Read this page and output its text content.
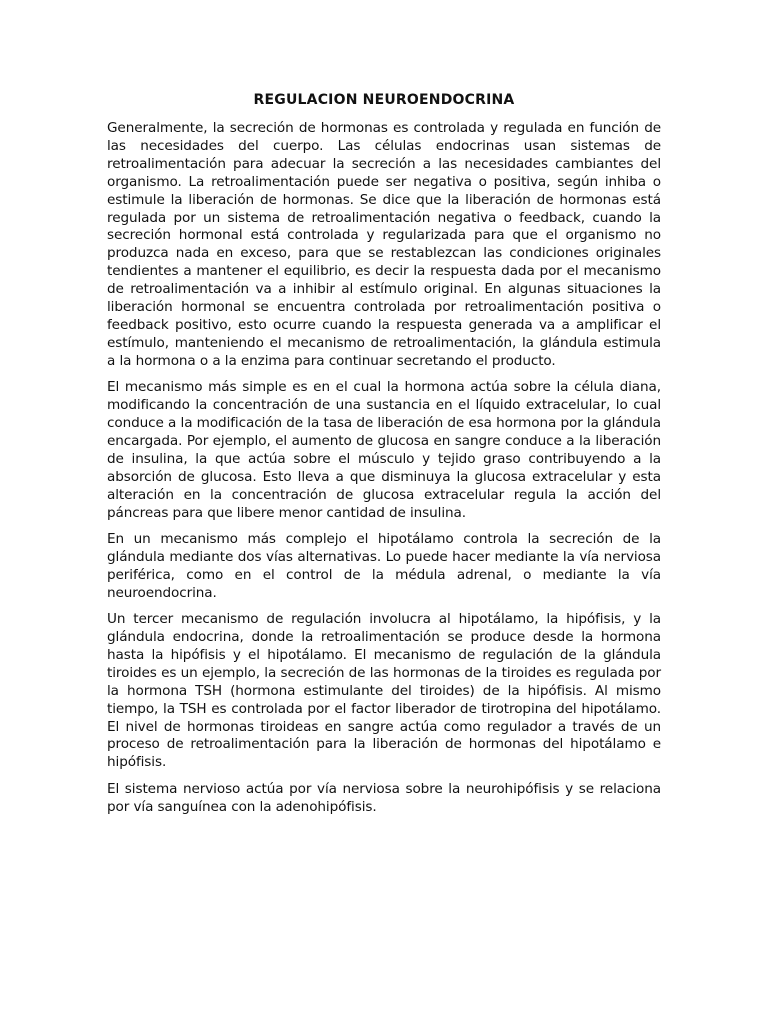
REGULACION NEUROENDOCRINA

Generalmente, la secreción de hormonas es controlada y regulada en función de las necesidades del cuerpo. Las células endocrinas usan sistemas de retroalimentación para adecuar la secreción a las necesidades cambiantes del organismo. La retroalimentación puede ser negativa o positiva, según inhiba o estimule la liberación de hormonas. Se dice que la liberación de hormonas está regulada por un sistema de retroalimentación negativa o feedback, cuando la secreción hormonal está controlada y regularizada para que el organismo no produzca nada en exceso, para que se restablezcan las condiciones originales tendientes a mantener el equilibrio, es decir la respuesta dada por el mecanismo de retroalimentación va a inhibir al estímulo original. En algunas situaciones la liberación hormonal se encuentra controlada por retroalimentación positiva o feedback positivo, esto ocurre cuando la respuesta generada va a amplificar el estímulo, manteniendo el mecanismo de retroalimentación, la glándula estimula a la hormona o a la enzima para continuar secretando el producto.

El mecanismo más simple es en el cual la hormona actúa sobre la célula diana, modificando la concentración de una sustancia en el líquido extracelular, lo cual conduce a la modificación de la tasa de liberación de esa hormona por la glándula encargada. Por ejemplo, el aumento de glucosa en sangre conduce a la liberación de insulina, la que actúa sobre el músculo y tejido graso contribuyendo a la absorción de glucosa. Esto lleva a que disminuya la glucosa extracelular y esta alteración en la concentración de glucosa extracelular regula la acción del páncreas para que libere menor cantidad de insulina.

En un mecanismo más complejo el hipotálamo controla la secreción de la glándula mediante dos vías alternativas. Lo puede hacer mediante la vía nerviosa periférica, como en el control de la médula adrenal, o mediante la vía neuroendocrina.

Un tercer mecanismo de regulación involucra al hipotálamo, la hipófisis, y la glándula endocrina, donde la retroalimentación se produce desde la hormona hasta la hipófisis y el hipotálamo. El mecanismo de regulación de la glándula tiroides es un ejemplo, la secreción de las hormonas de la tiroides es regulada por la hormona TSH (hormona estimulante del tiroides) de la hipófisis. Al mismo tiempo, la TSH es controlada por el factor liberador de tirotropina del hipotálamo. El nivel de hormonas tiroideas en sangre actúa como regulador a través de un proceso de retroalimentación para la liberación de hormonas del hipotálamo e hipófisis.

El sistema nervioso actúa por vía nerviosa sobre la neurohipófisis y se relaciona por vía sanguínea con la adenohipófisis.
